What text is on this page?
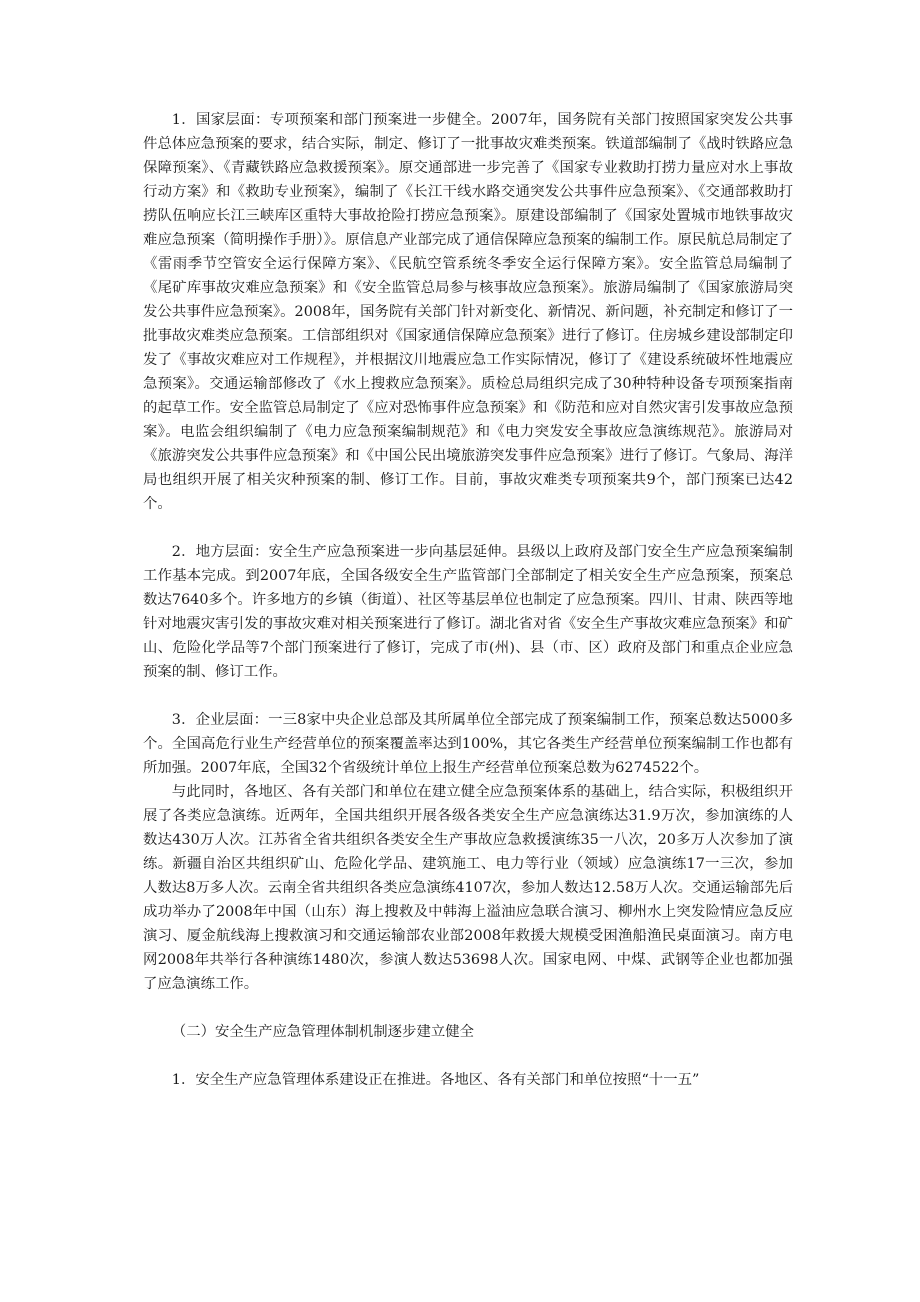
1．国家层面：专项预案和部门预案进一步健全。2007年，国务院有关部门按照国家突发公共事件总体应急预案的要求，结合实际，制定、修订了一批事故灾难类预案。铁道部编制了《战时铁路应急保障预案》、《青藏铁路应急救援预案》。原交通部进一步完善了《国家专业救助打捞力量应对水上事故行动方案》和《救助专业预案》，编制了《长江干线水路交通突发公共事件应急预案》、《交通部救助打捞队伍响应长江三峡库区重特大事故抢险打捞应急预案》。原建设部编制了《国家处置城市地铁事故灾难应急预案（简明操作手册）》。原信息产业部完成了通信保障应急预案的编制工作。原民航总局制定了《雷雨季节空管安全运行保障方案》、《民航空管系统冬季安全运行保障方案》。安全监管总局编制了《尾矿库事故灾难应急预案》和《安全监管总局参与核事故应急预案》。旅游局编制了《国家旅游局突发公共事件应急预案》。2008年，国务院有关部门针对新变化、新情况、新问题，补充制定和修订了一批事故灾难类应急预案。工信部组织对《国家通信保障应急预案》进行了修订。住房城乡建设部制定印发了《事故灾难应对工作规程》，并根据汶川地震应急工作实际情况，修订了《建设系统破坏性地震应急预案》。交通运输部修改了《水上搜救应急预案》。质检总局组织完成了30种特种设备专项预案指南的起草工作。安全监管总局制定了《应对恐怖事件应急预案》和《防范和应对自然灾害引发事故应急预案》。电监会组织编制了《电力应急预案编制规范》和《电力突发安全事故应急演练规范》。旅游局对《旅游突发公共事件应急预案》和《中国公民出境旅游突发事件应急预案》进行了修订。气象局、海洋局也组织开展了相关灾种预案的制、修订工作。目前，事故灾难类专项预案共9个，部门预案已达42个。

2．地方层面：安全生产应急预案进一步向基层延伸。县级以上政府及部门安全生产应急预案编制工作基本完成。到2007年底，全国各级安全生产监管部门全部制定了相关安全生产应急预案，预案总数达7640多个。许多地方的乡镇（街道）、社区等基层单位也制定了应急预案。四川、甘肃、陕西等地针对地震灾害引发的事故灾难对相关预案进行了修订。湖北省对省《安全生产事故灾难应急预案》和矿山、危险化学品等7个部门预案进行了修订，完成了市(州)、县（市、区）政府及部门和重点企业应急预案的制、修订工作。

3．企业层面：一三8家中央企业总部及其所属单位全部完成了预案编制工作，预案总数达5000多个。全国高危行业生产经营单位的预案覆盖率达到100%，其它各类生产经营单位预案编制工作也都有所加强。2007年底，全国32个省级统计单位上报生产经营单位预案总数为6274522个。

与此同时，各地区、各有关部门和单位在建立健全应急预案体系的基础上，结合实际，积极组织开展了各类应急演练。近两年，全国共组织开展各级各类安全生产应急演练达31.9万次，参加演练的人数达430万人次。江苏省全省共组织各类安全生产事故应急救援演练35一八次，20多万人次参加了演练。新疆自治区共组织矿山、危险化学品、建筑施工、电力等行业（领域）应急演练17一三次，参加人数达8万多人次。云南全省共组织各类应急演练4107次，参加人数达12.58万人次。交通运输部先后成功举办了2008年中国（山东）海上搜救及中韩海上溢油应急联合演习、柳州水上突发险情应急反应演习、厦金航线海上搜救演习和交通运输部农业部2008年救援大规模受困渔船渔民桌面演习。南方电网2008年共举行各种演练1480次，参演人数达53698人次。国家电网、中煤、武钢等企业也都加强了应急演练工作。

（二）安全生产应急管理体制机制逐步建立健全

1．安全生产应急管理体系建设正在推进。各地区、各有关部门和单位按照“十一五”
